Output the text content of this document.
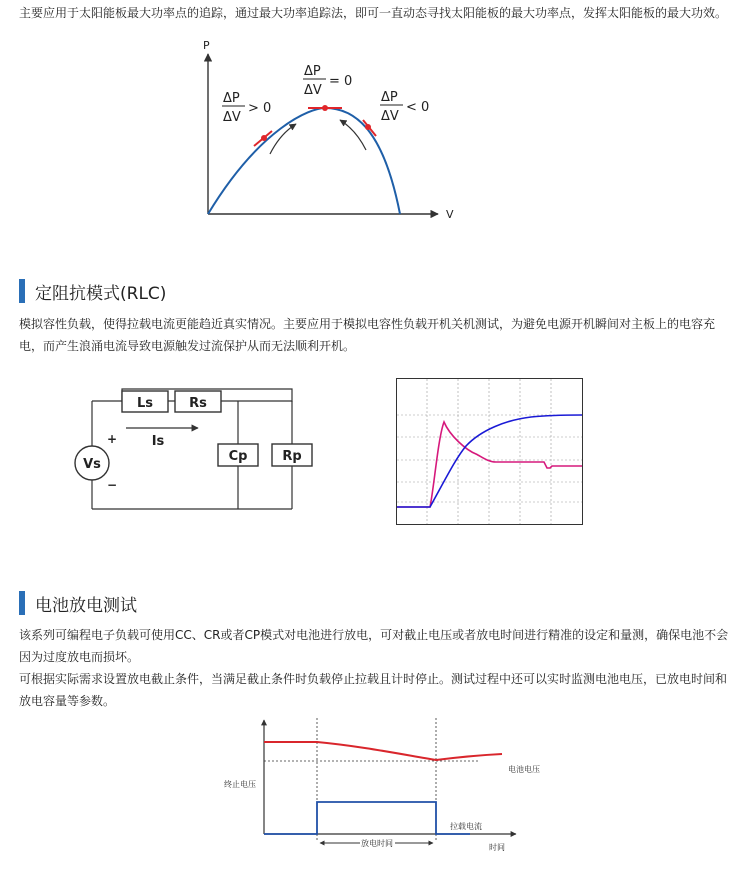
主要应用于太阳能板最大功率点的追踪，通过最大功率追踪法，即可一直动态寻找太阳能板的最大功率点，发挥太阳能板的最大功效。

P
V
ΔP
ΔV
> 0
ΔP
ΔV
= 0
ΔP
ΔV
< 0
定阻抗模式(RLC)

模拟容性负载，使得拉载电流更能趋近真实情况。主要应用于模拟电容性负载开机关机测试，为避免电源开机瞬间对主板上的电容充电，而产生浪涌电流导致电源触发过流保护从而无法顺利开机。

Ls	Rs
Cp	Rp
Vs
+
−
Is
电池放电测试

该系列可编程电子负载可使用CC、CR或者CP模式对电池进行放电，可对截止电压或者放电时间进行精准的设定和量测，确保电池不会因为过度放电而损坏。

可根据实际需求设置放电截止条件，当满足截止条件时负载停止拉载且计时停止。测试过程中还可以实时监测电池电压，已放电时间和放电容量等参数。

终止电压
电池电压
拉载电流
放电时间	时间
